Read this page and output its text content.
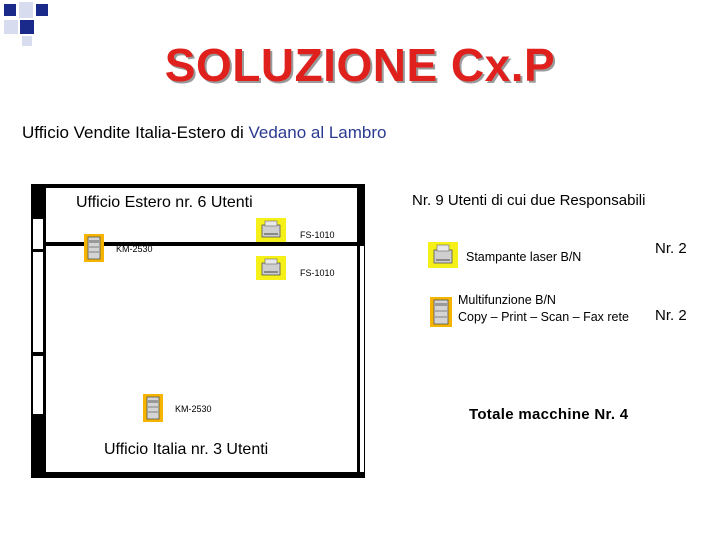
SOLUZIONE Cx.P
Ufficio Vendite Italia-Estero di Vedano al Lambro
Ufficio Estero nr. 6 Utenti
Ufficio Italia nr. 3 Utenti
FS-1010
FS-1010
KM-2530
KM-2530
Nr. 9 Utenti di cui due Responsabili
Stampante laser B/N	Nr. 2
Multifunzione B/N
Copy – Print – Scan – Fax rete Nr. 2
Totale macchine Nr. 4
